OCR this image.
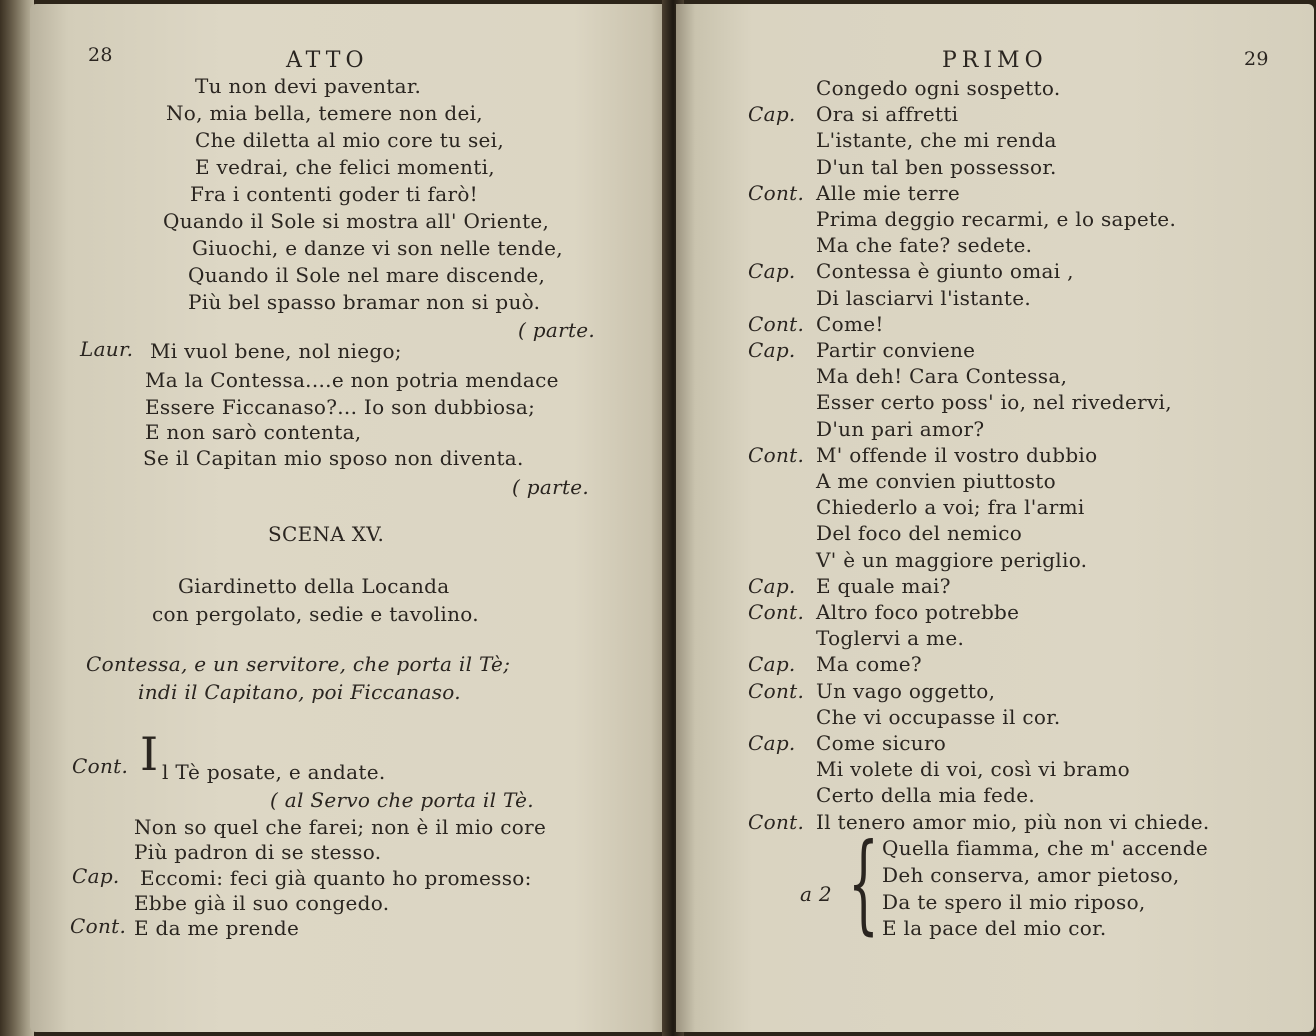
28	ATTO
Tu non devi paventar.
No, mia bella, temere non dei,
Che diletta al mio core tu sei,
E vedrai, che felici momenti,
Fra i contenti goder ti farò!
Quando il Sole si mostra all' Oriente,
Giuochi, e danze vi son nelle tende,
Quando il Sole nel mare discende,
Più bel spasso bramar non si può.
( parte.
Laur. Mi vuol bene, nol niego;
Ma la Contessa....e non potria mendace
Essere Ficcanaso?... Io son dubbiosa;
E non sarò contenta,
Se il Capitan mio sposo non diventa.
( parte.
SCENA XV.
Giardinetto della Locanda
con pergolato, sedie e tavolino.
Contessa, e un servitore, che porta il Tè;
indi il Capitano, poi Ficcanaso.
Cont. I l Tè posate, e andate.
( al Servo che porta il Tè.
Non so quel che farei; non è il mio core
Più padron di se stesso.
Cap. Eccomi: feci già quanto ho promesso:
Ebbe già il suo congedo.
Cont. E da me prende
PRIMO	29
Congedo ogni sospetto.
Cap. Ora si affretti
L'istante, che mi renda
D'un tal ben possessor.
Cont. Alle mie terre
Prima deggio recarmi, e lo sapete.
Ma che fate? sedete.
Cap. Contessa è giunto omai ,
Di lasciarvi l'istante.
Cont. Come!
Cap. Partir conviene
Ma deh! Cara Contessa,
Esser certo poss' io, nel rivedervi,
D'un pari amor?
Cont. M' offende il vostro dubbio
A me convien piuttosto
Chiederlo a voi; fra l'armi
Del foco del nemico
V' è un maggiore periglio.
Cap. E quale mai?
Cont. Altro foco potrebbe
Toglervi a me.
Cap. Ma come?
Cont. Un vago oggetto,
Che vi occupasse il cor.
Cap. Come sicuro
Mi volete di voi, così vi bramo
Certo della mia fede.
Cont. Il tenero amor mio, più non vi chiede.
a 2 { Quella fiamma, che m' accende
Deh conserva, amor pietoso,
Da te spero il mio riposo,
E la pace del mio cor.
